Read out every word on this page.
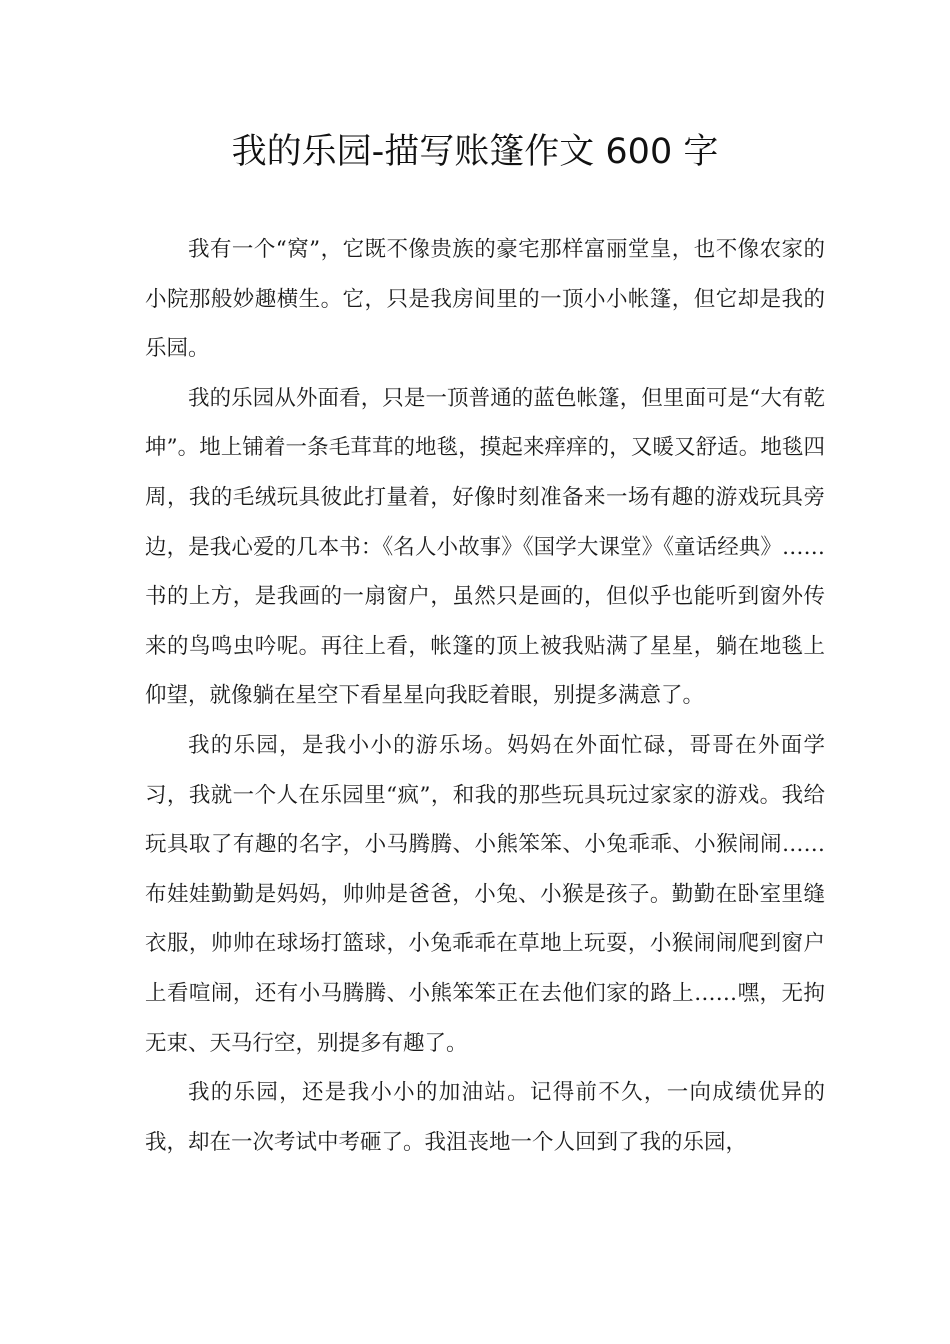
我的乐园-描写账篷作文 600 字

我有一个“窝”，它既不像贵族的豪宅那样富丽堂皇，也不像农家的小院那般妙趣横生。它，只是我房间里的一顶小小帐篷，但它却是我的乐园。

我的乐园从外面看，只是一顶普通的蓝色帐篷，但里面可是“大有乾坤”。地上铺着一条毛茸茸的地毯，摸起来痒痒的，又暖又舒适。地毯四周，我的毛绒玩具彼此打量着，好像时刻准备来一场有趣的游戏玩具旁边，是我心爱的几本书：《名人小故事》《国学大课堂》《童话经典》……书的上方，是我画的一扇窗户，虽然只是画的，但似乎也能听到窗外传来的鸟鸣虫吟呢。再往上看，帐篷的顶上被我贴满了星星，躺在地毯上仰望，就像躺在星空下看星星向我眨着眼，别提多满意了。

我的乐园，是我小小的游乐场。妈妈在外面忙碌，哥哥在外面学习，我就一个人在乐园里“疯”，和我的那些玩具玩过家家的游戏。我给玩具取了有趣的名字，小马腾腾、小熊笨笨、小兔乖乖、小猴闹闹……布娃娃勤勤是妈妈，帅帅是爸爸，小兔、小猴是孩子。勤勤在卧室里缝衣服，帅帅在球场打篮球，小兔乖乖在草地上玩耍，小猴闹闹爬到窗户上看喧闹，还有小马腾腾、小熊笨笨正在去他们家的路上……嘿，无拘无束、天马行空，别提多有趣了。

我的乐园，还是我小小的加油站。记得前不久，一向成绩优异的我，却在一次考试中考砸了。我沮丧地一个人回到了我的乐园，
